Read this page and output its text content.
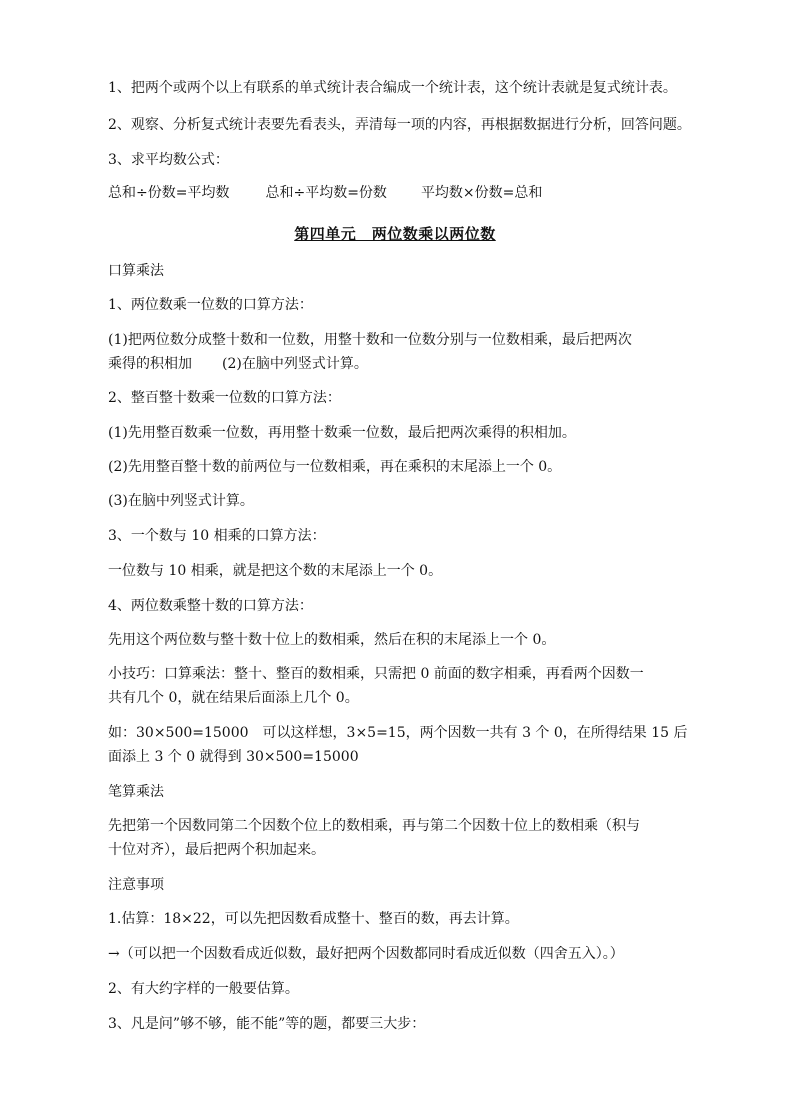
1、把两个或两个以上有联系的单式统计表合编成一个统计表，这个统计表就是复式统计表。
2、观察、分析复式统计表要先看表头，弄清每一项的内容，再根据数据进行分析，回答问题。
3、求平均数公式：
总和÷份数=平均数	总和÷平均数=份数 平均数×份数=总和
第四单元　两位数乘以两位数
口算乘法
1、两位数乘一位数的口算方法：
(1)把两位数分成整十数和一位数，用整十数和一位数分别与一位数相乘，最后把两次
乘得的积相加 (2)在脑中列竖式计算。
2、整百整十数乘一位数的口算方法：
(1)先用整百数乘一位数，再用整十数乘一位数，最后把两次乘得的积相加。
(2)先用整百整十数的前两位与一位数相乘，再在乘积的末尾添上一个 0。
(3)在脑中列竖式计算。
3、一个数与 10 相乘的口算方法：
一位数与 10 相乘，就是把这个数的末尾添上一个 0。
4、两位数乘整十数的口算方法：
先用这个两位数与整十数十位上的数相乘，然后在积的末尾添上一个 0。
小技巧：口算乘法：整十、整百的数相乘，只需把 0 前面的数字相乘，再看两个因数一
共有几个 0，就在结果后面添上几个 0。
如：30×500=15000　可以这样想，3×5=15，两个因数一共有 3 个 0，在所得结果 15 后
面添上 3 个 0 就得到 30×500=15000
笔算乘法
先把第一个因数同第二个因数个位上的数相乘，再与第二个因数十位上的数相乘（积与
十位对齐），最后把两个积加起来。
注意事项
1.估算：18×22，可以先把因数看成整十、整百的数，再去计算。
→（可以把一个因数看成近似数，最好把两个因数都同时看成近似数（四舍五入）。）
2、有大约字样的一般要估算。
3、凡是问”够不够，能不能”等的题，都要三大步：
